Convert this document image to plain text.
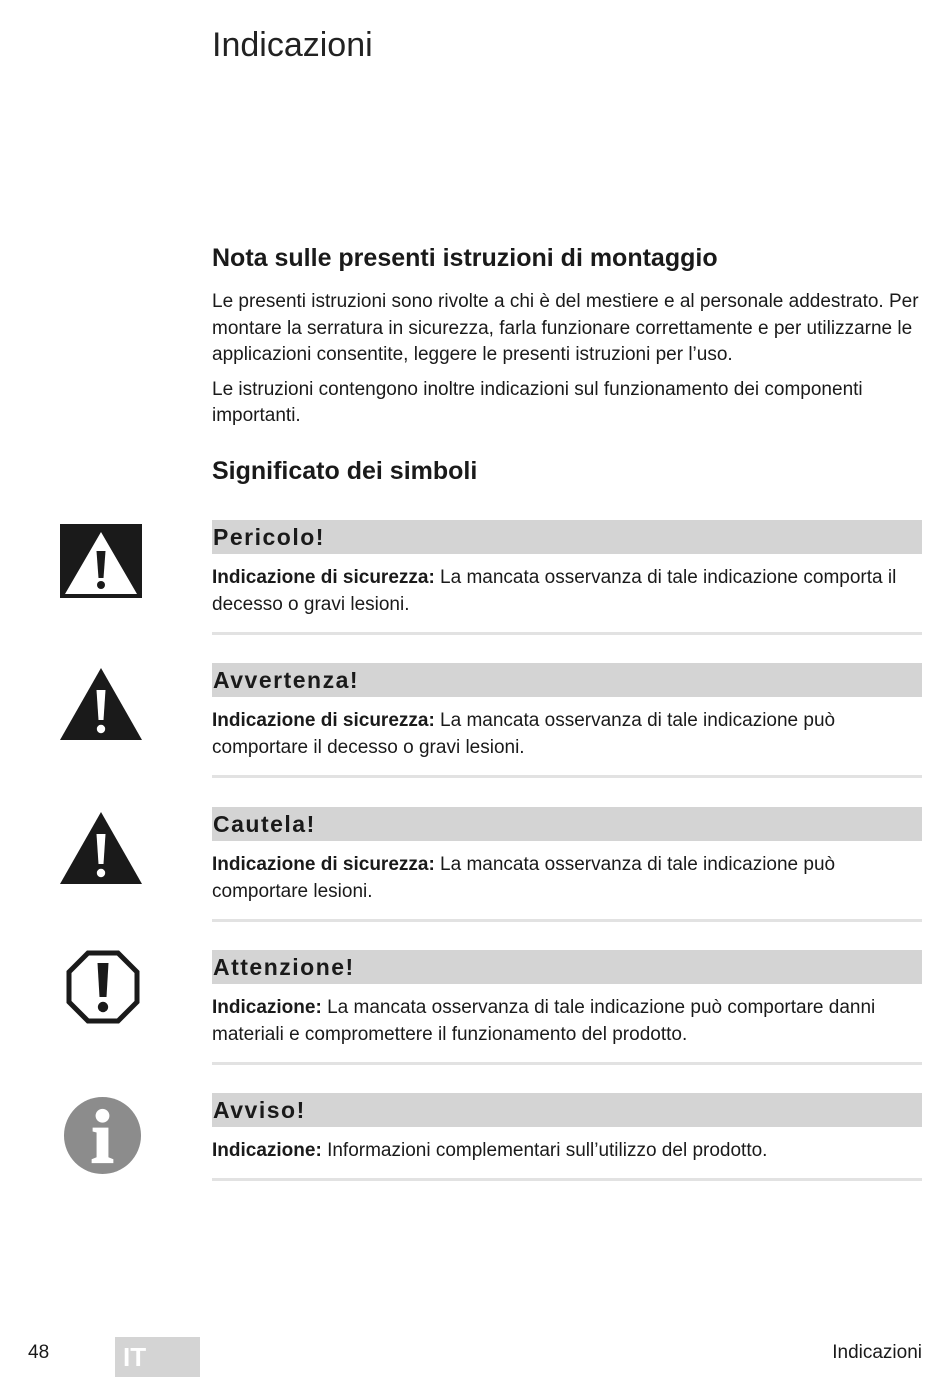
Indicazioni
Nota sulle presenti istruzioni di montaggio

Le presenti istruzioni sono rivolte a chi è del mestiere e al personale addestrato. Per montare la serratura in sicurezza, farla funzionare correttamente e per utilizzarne le applicazioni consentite, leggere le presenti istruzioni per l’uso.

Le istruzioni contengono inoltre indicazioni sul funzionamento dei componenti importanti.

Significato dei simboli
Pericolo!
Indicazione di sicurezza: La mancata osservanza di tale indicazione comporta il decesso o gravi lesioni.
Avvertenza!
Indicazione di sicurezza: La mancata osservanza di tale indicazione può comportare il decesso o gravi lesioni.
Cautela!
Indicazione di sicurezza: La mancata osservanza di tale indicazione può comportare lesioni.
Attenzione!
Indicazione: La mancata osservanza di tale indicazione può comportare danni materiali e compromettere il funzionamento del prodotto.
Avviso!
Indicazione: Informazioni complementari sull’utilizzo del prodotto.
48	IT	Indicazioni
